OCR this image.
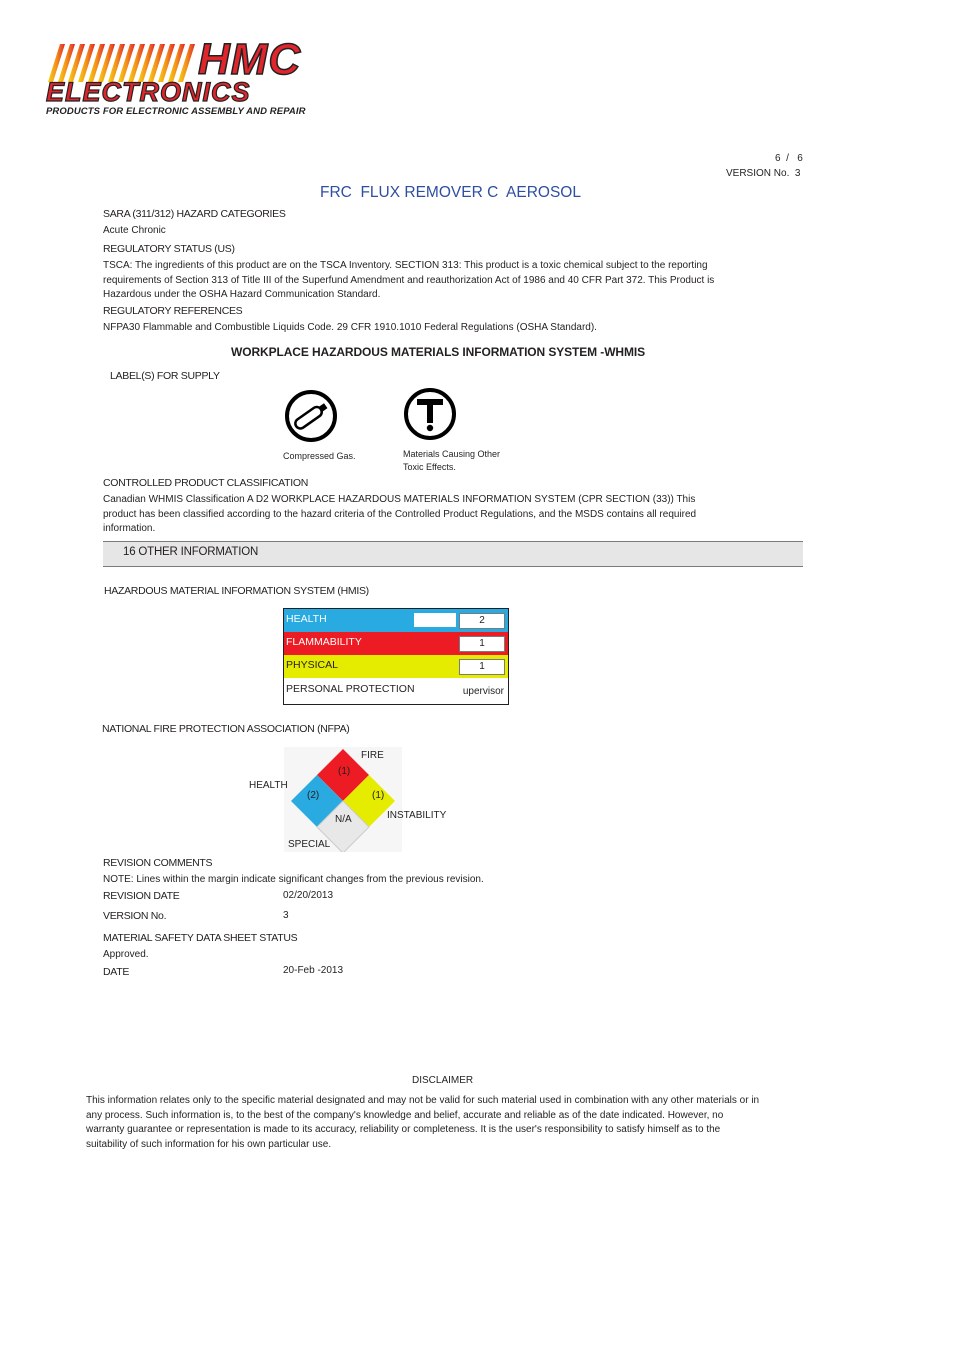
HMC
ELECTRONICS
PRODUCTS FOR ELECTRONIC ASSEMBLY AND REPAIR
6 / 6
VERSION No. 3
FRC  FLUX REMOVER C  AEROSOL
SARA (311/312) HAZARD CATEGORIES
Acute Chronic
REGULATORY STATUS (US)
TSCA: The ingredients of this product are on the TSCA Inventory. SECTION 313: This product is a toxic chemical subject to the reporting
requirements of Section 313 of Title III of the Superfund Amendment and reauthorization Act of 1986 and 40 CFR Part 372. This Product is
Hazardous under the OSHA Hazard Communication Standard.
REGULATORY REFERENCES
NFPA30 Flammable and Combustible Liquids Code. 29 CFR 1910.1010 Federal Regulations (OSHA Standard).
WORKPLACE HAZARDOUS MATERIALS INFORMATION SYSTEM -WHMIS
LABEL(S) FOR SUPPLY
Compressed Gas.	Materials Causing Other
Toxic Effects.
CONTROLLED PRODUCT CLASSIFICATION
Canadian WHMIS Classification A D2 WORKPLACE HAZARDOUS MATERIALS INFORMATION SYSTEM (CPR SECTION (33)) This
product has been classified according to the hazard criteria of the Controlled Product Regulations, and the MSDS contains all required
information.
16 OTHER INFORMATION
HAZARDOUS MATERIAL INFORMATION SYSTEM (HMIS)
HEALTH	2
FLAMMABILITY	1
PHYSICAL	1
PERSONAL PROTECTION	upervisor
NATIONAL FIRE PROTECTION ASSOCIATION (NFPA)
FIRE
(1)
HEALTH
(2)	(1)
INSTABILITY
N/A
SPECIAL
REVISION COMMENTS
NOTE: Lines within the margin indicate significant changes from the previous revision.
REVISION DATE	02/20/2013
VERSION No.	3
MATERIAL SAFETY DATA SHEET STATUS
Approved.
DATE	20-Feb -2013
DISCLAIMER
This information relates only to the specific material designated and may not be valid for such material used in combination with any other materials or in
any process. Such information is, to the best of the company's knowledge and belief, accurate and reliable as of the date indicated. However, no
warranty guarantee or representation is made to its accuracy, reliability or completeness. It is the user's responsibility to satisfy himself as to the
suitability of such information for his own particular use.
